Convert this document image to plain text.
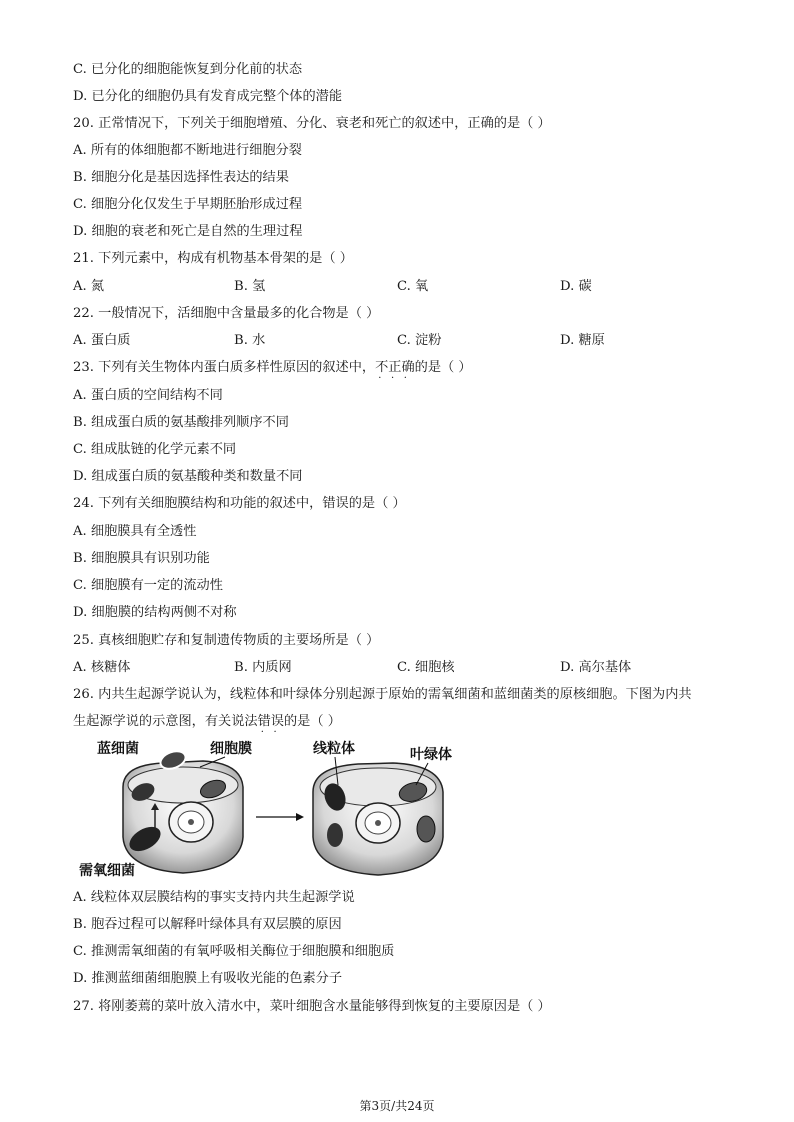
C. 已分化的细胞能恢复到分化前的状态
D. 已分化的细胞仍具有发育成完整个体的潜能
20. 正常情况下，下列关于细胞增殖、分化、衰老和死亡的叙述中，正确的是（ ）
A. 所有的体细胞都不断地进行细胞分裂
B. 细胞分化是基因选择性表达的结果
C. 细胞分化仅发生于早期胚胎形成过程
D. 细胞的衰老和死亡是自然的生理过程
21. 下列元素中，构成有机物基本骨架的是（ ）
A. 氮	B. 氢	C. 氧	D. 碳
22. 一般情况下，活细胞中含量最多的化合物是（ ）
A. 蛋白质	B. 水	C. 淀粉	D. 糖原
23. 下列有关生物体内蛋白质多样性原因的叙述中，不正确
·   ·   ·
的是（ ）
A. 蛋白质的空间结构不同
B. 组成蛋白质的氨基酸排列顺序不同
C. 组成肽链的化学元素不同
D. 组成蛋白质的氨基酸种类和数量不同
24. 下列有关细胞膜结构和功能的叙述中，错误的是（ ）
A. 细胞膜具有全透性
B. 细胞膜具有识别功能
C. 细胞膜有一定的流动性
D. 细胞膜的结构两侧不对称
25. 真核细胞贮存和复制遗传物质的主要场所是（ ）
A. 核糖体	B. 内质网	C. 细胞核	D. 高尔基体
26. 内共生起源学说认为，线粒体和叶绿体分别起源于原始的需氧细菌和蓝细菌类的原核细胞。下图为内共
生起源学说的示意图，有关说法错误
·   ·
的是（ ）
蓝细菌	细胞膜
需氧细菌
线粒体	叶绿体
A. 线粒体双层膜结构的事实支持内共生起源学说
B. 胞吞过程可以解释叶绿体具有双层膜的原因
C. 推测需氧细菌的有氧呼吸相关酶位于细胞膜和细胞质
D. 推测蓝细菌细胞膜上有吸收光能的色素分子
27. 将刚萎蔫的菜叶放入清水中，菜叶细胞含水量能够得到恢复的主要原因是（ ）
第3页/共24页
